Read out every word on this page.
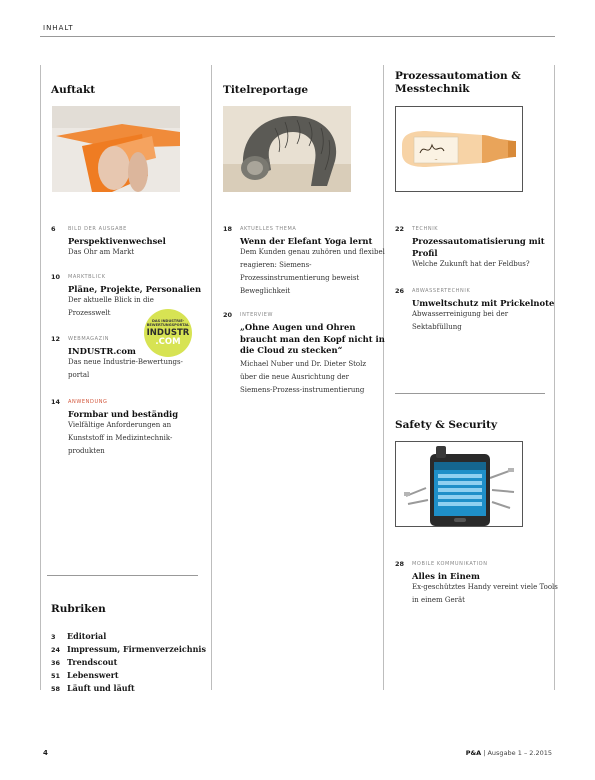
INHALT
Auftakt
6 BILD DER AUSGABE
Perspektivenwechsel
Das Ohr am Markt
10 MARKTBLICK
Pläne, Projekte, Personalien
Der aktuelle Blick in die Prozesswelt
12 WEBMAGAZIN
INDUSTR.com
Das neue Industrie-Bewertungs-portal
DAS INDUSTRIE-BEWERTUNGSPORTAL
INDUSTR
.COM
14 ANWENDUNG
Formbar und beständig
Vielfältige Anforderungen an Kunststoff in Medizintechnik-produkten
Rubriken
3 Editorial
24 Impressum, Firmenverzeichnis
36 Trendscout
51 Lebenswert
58 Läuft und läuft
Titelreportage
18 AKTUELLES THEMA
Wenn der Elefant Yoga lernt
Dem Kunden genau zuhören und flexibel reagieren: Siemens-Prozessinstrumentierung beweist Beweglichkeit
20 INTERVIEW
„Ohne Augen und Ohren braucht man den Kopf nicht in die Cloud zu stecken“
Michael Nuber und Dr. Dieter Stolz über die neue Ausrichtung der Siemens-Prozess-instrumentierung
Prozessautomation & Messtechnik
~
22 TECHNIK
Prozessautomatisierung mit Profil
Welche Zukunft hat der Feldbus?
26 ABWASSERTECHNIK
Umweltschutz mit Prickelnote
Abwasserreinigung bei der Sektabfüllung
Safety & Security
28 MOBILE KOMMUNIKATION
Alles in Einem
Ex-geschütztes Handy vereint viele Tools in einem Gerät
4	P&A | Ausgabe 1 – 2.2015
